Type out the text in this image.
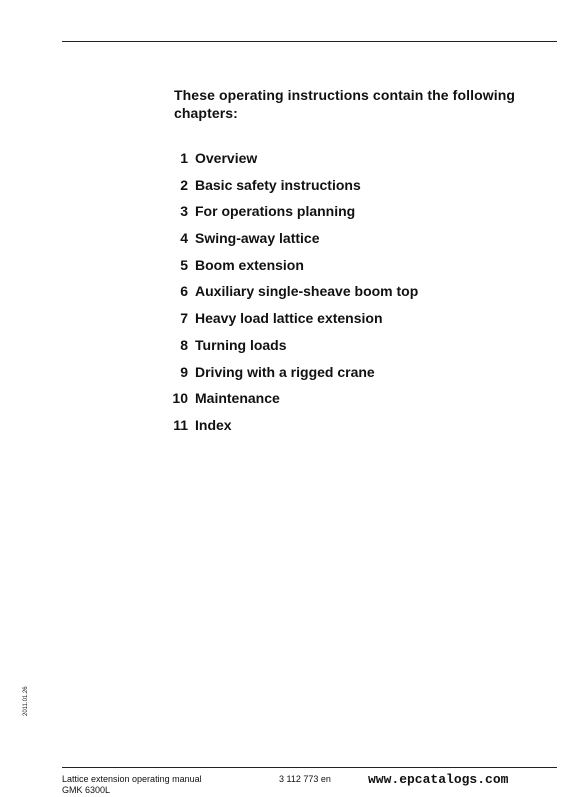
These operating instructions contain the following
chapters:
1 Overview
2 Basic safety instructions
3 For operations planning
4 Swing-away lattice
5 Boom extension
6 Auxiliary single-sheave boom top
7 Heavy load lattice extension
8 Turning loads
9 Driving with a rigged crane
10 Maintenance
11 Index
2011.01.26
Lattice extension operating manual
GMK 6300L
3 112 773 en	www.epcatalogs.com
